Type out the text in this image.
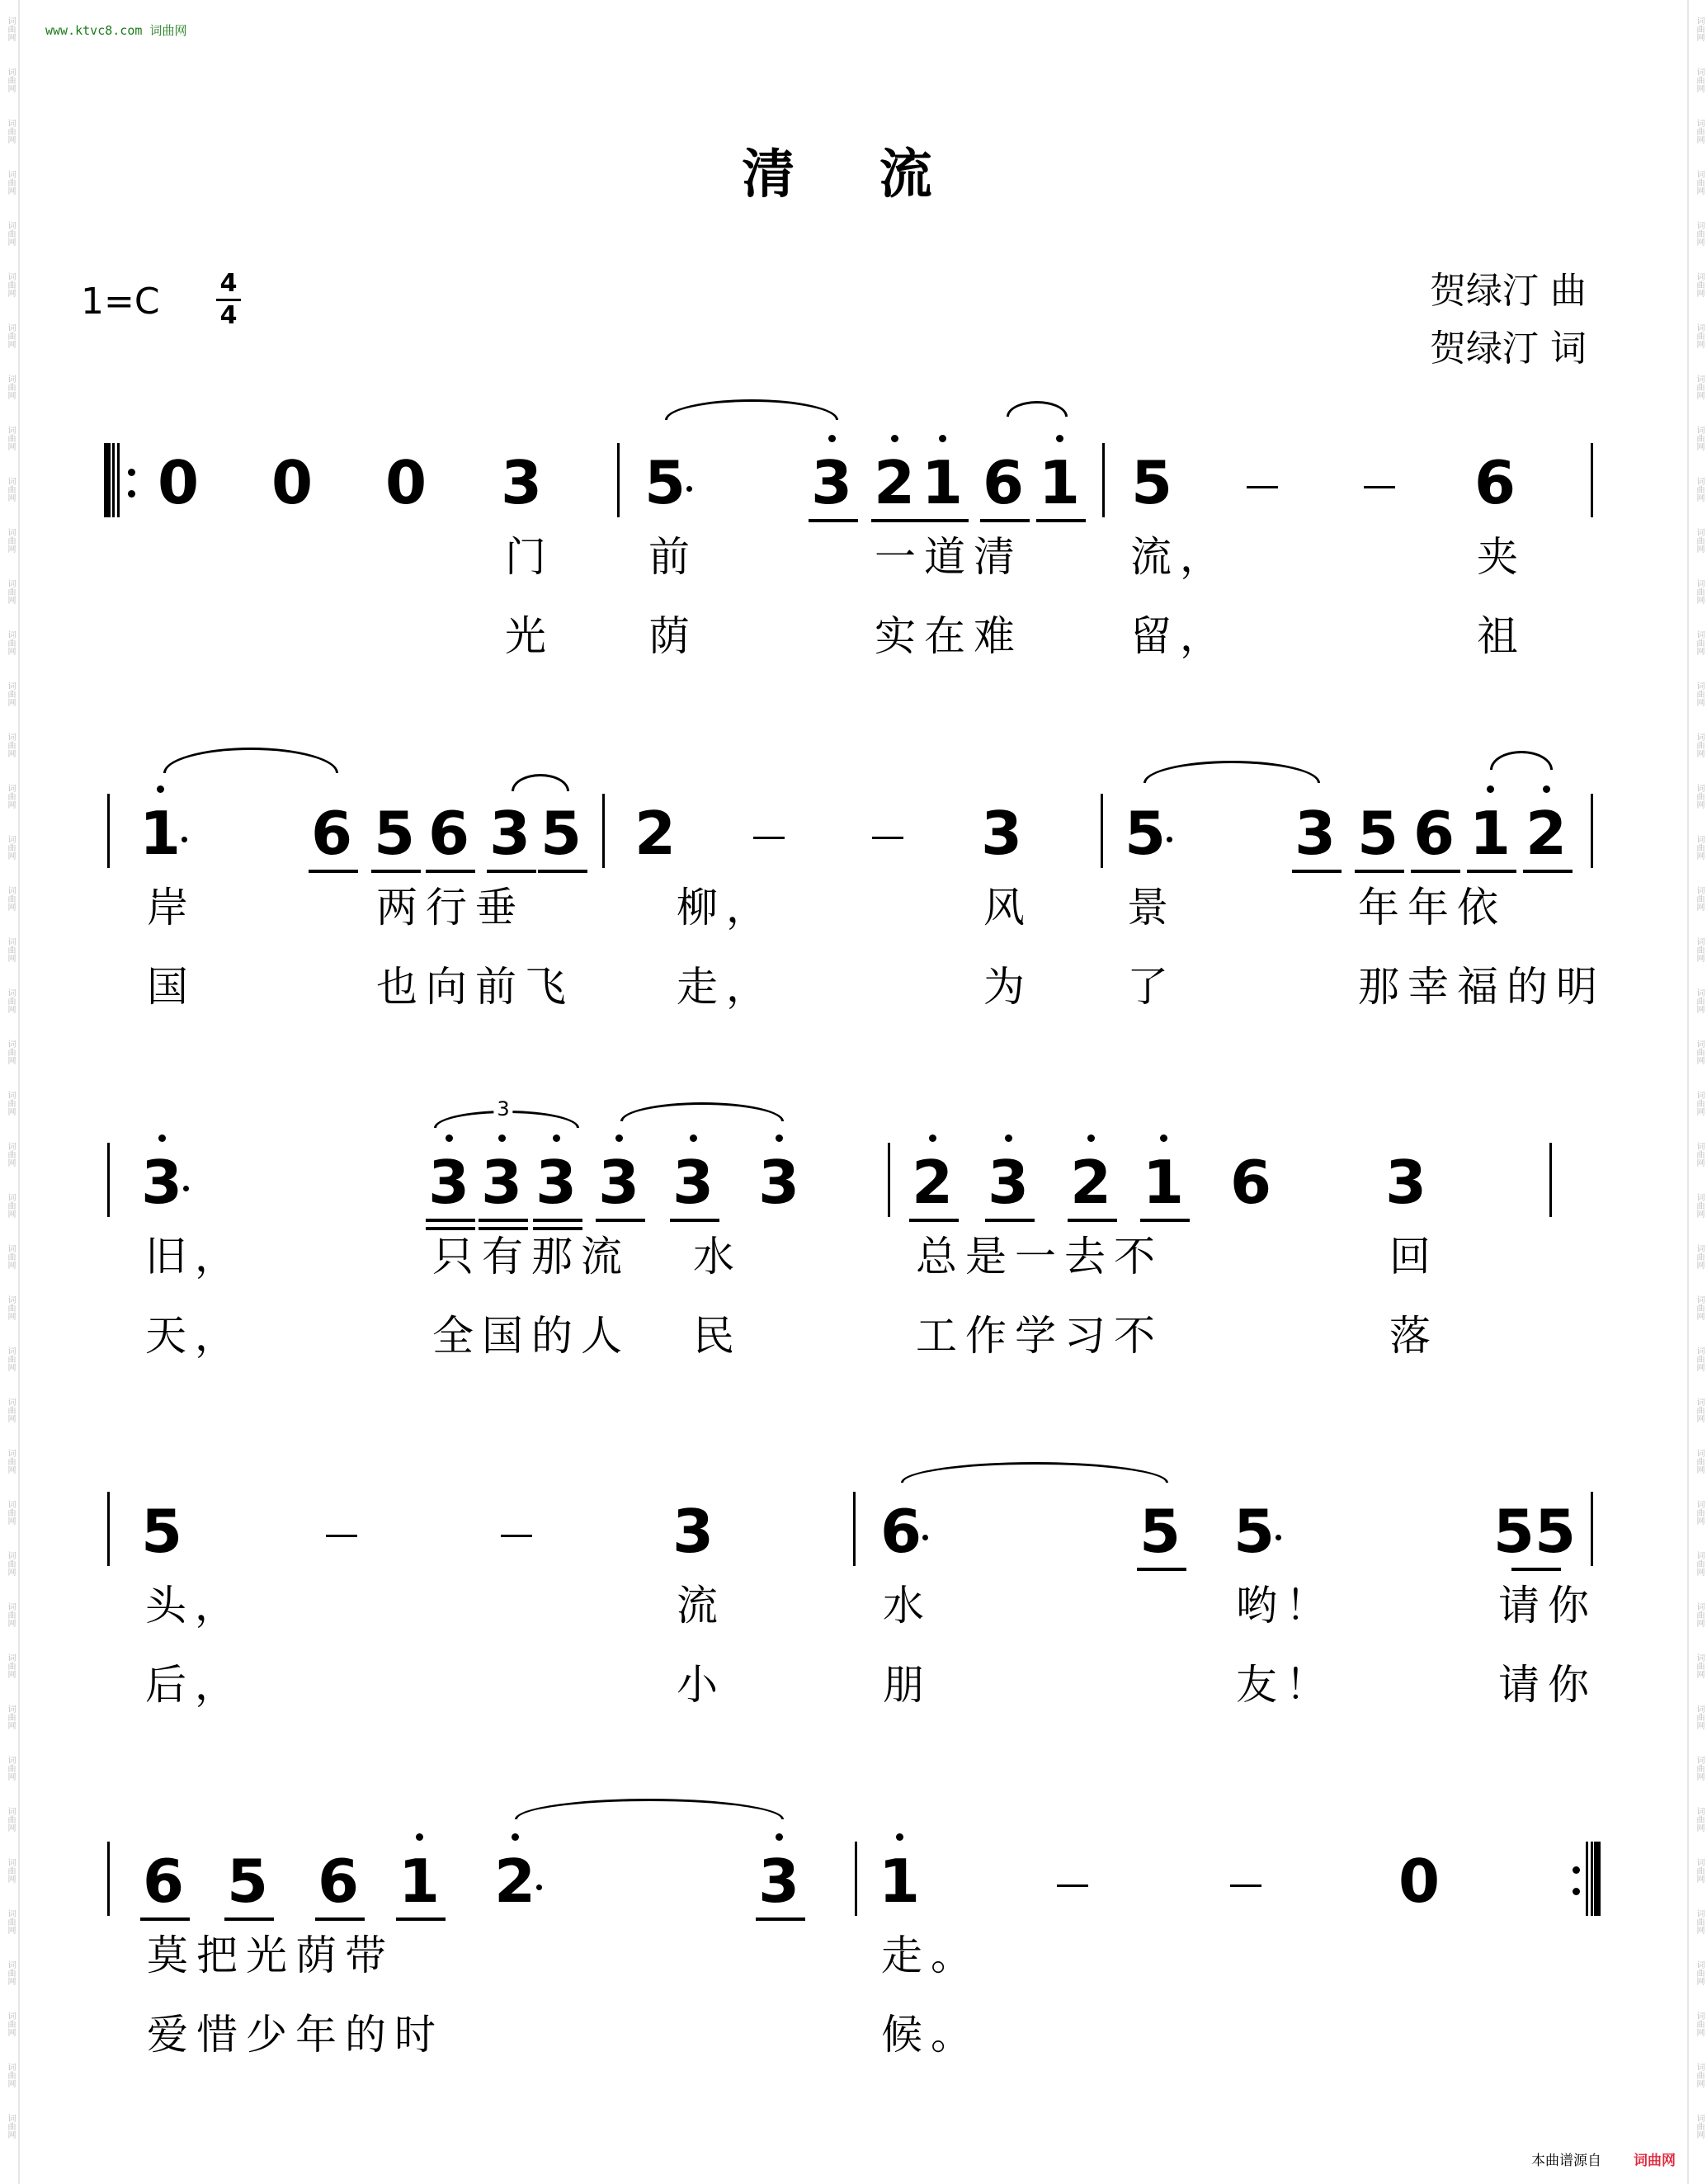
词曲网
词曲网
词曲网
词曲网
词曲网
词曲网
词曲网
词曲网
词曲网
词曲网
词曲网
词曲网
词曲网
词曲网
词曲网
词曲网
词曲网
词曲网
词曲网
词曲网
词曲网
词曲网
词曲网
词曲网
词曲网
词曲网
词曲网
词曲网
词曲网
词曲网
词曲网
词曲网
词曲网
词曲网
词曲网
词曲网
词曲网
词曲网
词曲网
词曲网
词曲网
词曲网
词曲网
词曲网
词曲网
词曲网
词曲网
词曲网
词曲网
词曲网
词曲网
词曲网
词曲网
词曲网
词曲网
词曲网
词曲网
词曲网
词曲网
词曲网
词曲网
词曲网
词曲网
词曲网
词曲网
词曲网
词曲网
词曲网
词曲网
词曲网
词曲网
词曲网
词曲网
词曲网
词曲网
词曲网
词曲网
词曲网
词曲网
词曲网
词曲网
词曲网
词曲网
词曲网
www.ktvc8.com 词曲网
清 流
1=C 4
4
贺绿汀 曲
贺绿汀 词
0 0 0 3 5 3 2 1 6 1 5	6
1 6 5 6 3 5 2	3 5 3 5 6 1 2
3	3 3 3 3 3 3 2 3 2 1 6 3
5	3	6	5 5	55
6 5 6 1 2	3 1	0
3
门
光
前
荫
一道清
实在难
流，
留，
夹
祖
岸
国
两行垂
也向前飞
柳，
走，
风
为
景
了
年年依
那幸福的明
旧，
天，
只有那流
全国的人
水
民
总是一去不
工作学习不
回
落
头，
后，
流
小
水
朋
哟！
友！
请你
请你
莫把光荫带
爱惜少年的时
走。
候。
本曲谱源自 词曲网
